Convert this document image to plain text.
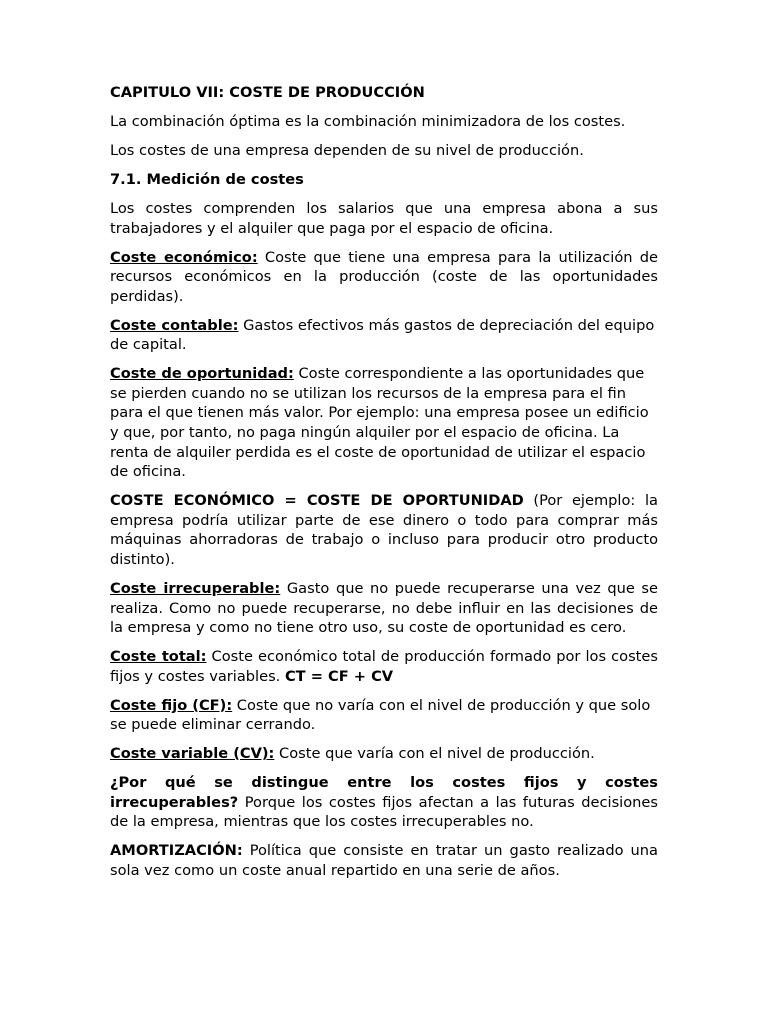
CAPITULO VII: COSTE DE PRODUCCIÓN

La combinación óptima es la combinación minimizadora de los costes.

Los costes de una empresa dependen de su nivel de producción.

7.1. Medición de costes

Los costes comprenden los salarios que una empresa abona a sus trabajadores y el alquiler que paga por el espacio de oficina.

Coste económico: Coste que tiene una empresa para la utilización de recursos económicos en la producción (coste de las oportunidades perdidas).

Coste contable: Gastos efectivos más gastos de depreciación del equipo de capital.

Coste de oportunidad: Coste correspondiente a las oportunidades que se pierden cuando no se utilizan los recursos de la empresa para el fin para el que tienen más valor. Por ejemplo: una empresa posee un edificio y que, por tanto, no paga ningún alquiler por el espacio de oficina. La renta de alquiler perdida es el coste de oportunidad de utilizar el espacio de oficina.

COSTE ECONÓMICO = COSTE DE OPORTUNIDAD (Por ejemplo: la empresa podría utilizar parte de ese dinero o todo para comprar más máquinas ahorradoras de trabajo o incluso para producir otro producto distinto).

Coste irrecuperable: Gasto que no puede recuperarse una vez que se realiza. Como no puede recuperarse, no debe influir en las decisiones de la empresa y como no tiene otro uso, su coste de oportunidad es cero.

Coste total: Coste económico total de producción formado por los costes fijos y costes variables. CT = CF + CV

Coste fijo (CF): Coste que no varía con el nivel de producción y que solo se puede eliminar cerrando.

Coste variable (CV): Coste que varía con el nivel de producción.

¿Por qué se distingue entre los costes fijos y costes irrecuperables? Porque los costes fijos afectan a las futuras decisiones de la empresa, mientras que los costes irrecuperables no.

AMORTIZACIÓN: Política que consiste en tratar un gasto realizado una sola vez como un coste anual repartido en una serie de años.
